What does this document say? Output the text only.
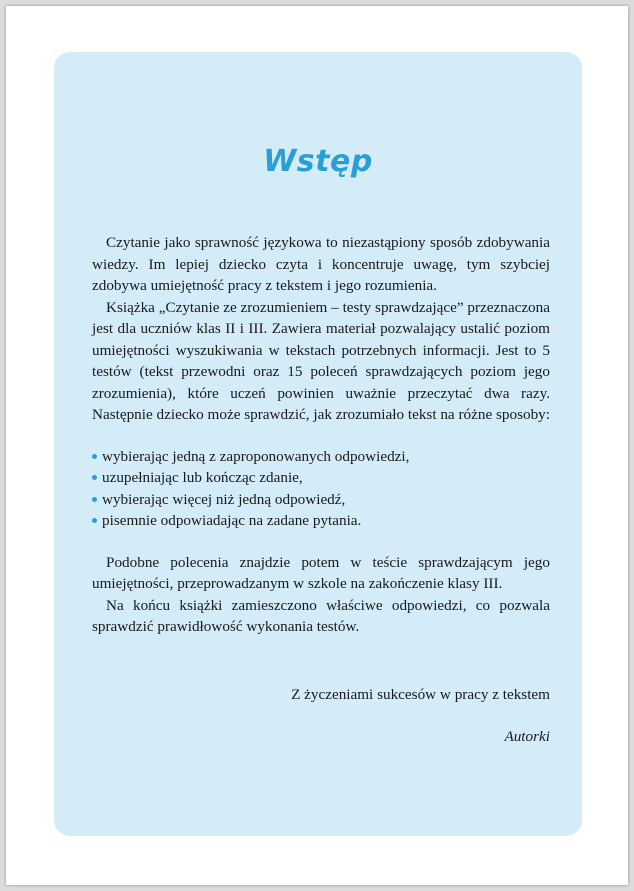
Wstęp

Czytanie jako sprawność językowa to niezastąpiony sposób zdobywania wiedzy. Im lepiej dziecko czyta i koncentruje uwagę, tym szybciej zdobywa umiejętność pracy z tekstem i jego rozumienia.

Książka „Czytanie ze zrozumieniem – testy sprawdzające” przeznaczona jest dla uczniów klas II i III. Zawiera materiał pozwalający ustalić poziom umiejętności wyszukiwania w tekstach potrzebnych informacji. Jest to 5 testów (tekst przewodni oraz 15 poleceń sprawdzających poziom jego zrozumienia), które uczeń powinien uważnie przeczytać dwa razy. Następnie dziecko może sprawdzić, jak zrozumiało tekst na różne sposoby:

wybierając jedną z zaproponowanych odpowiedzi,
uzupełniając lub kończąc zdanie,
wybierając więcej niż jedną odpowiedź,
pisemnie odpowiadając na zadane pytania.

Podobne polecenia znajdzie potem w teście sprawdzającym jego umiejętności, przeprowadzanym w szkole na zakończenie klasy III.

Na końcu książki zamieszczono właściwe odpowiedzi, co pozwala sprawdzić prawidłowość wykonania testów.

Z życzeniami sukcesów w pracy z tekstem
Autorki
